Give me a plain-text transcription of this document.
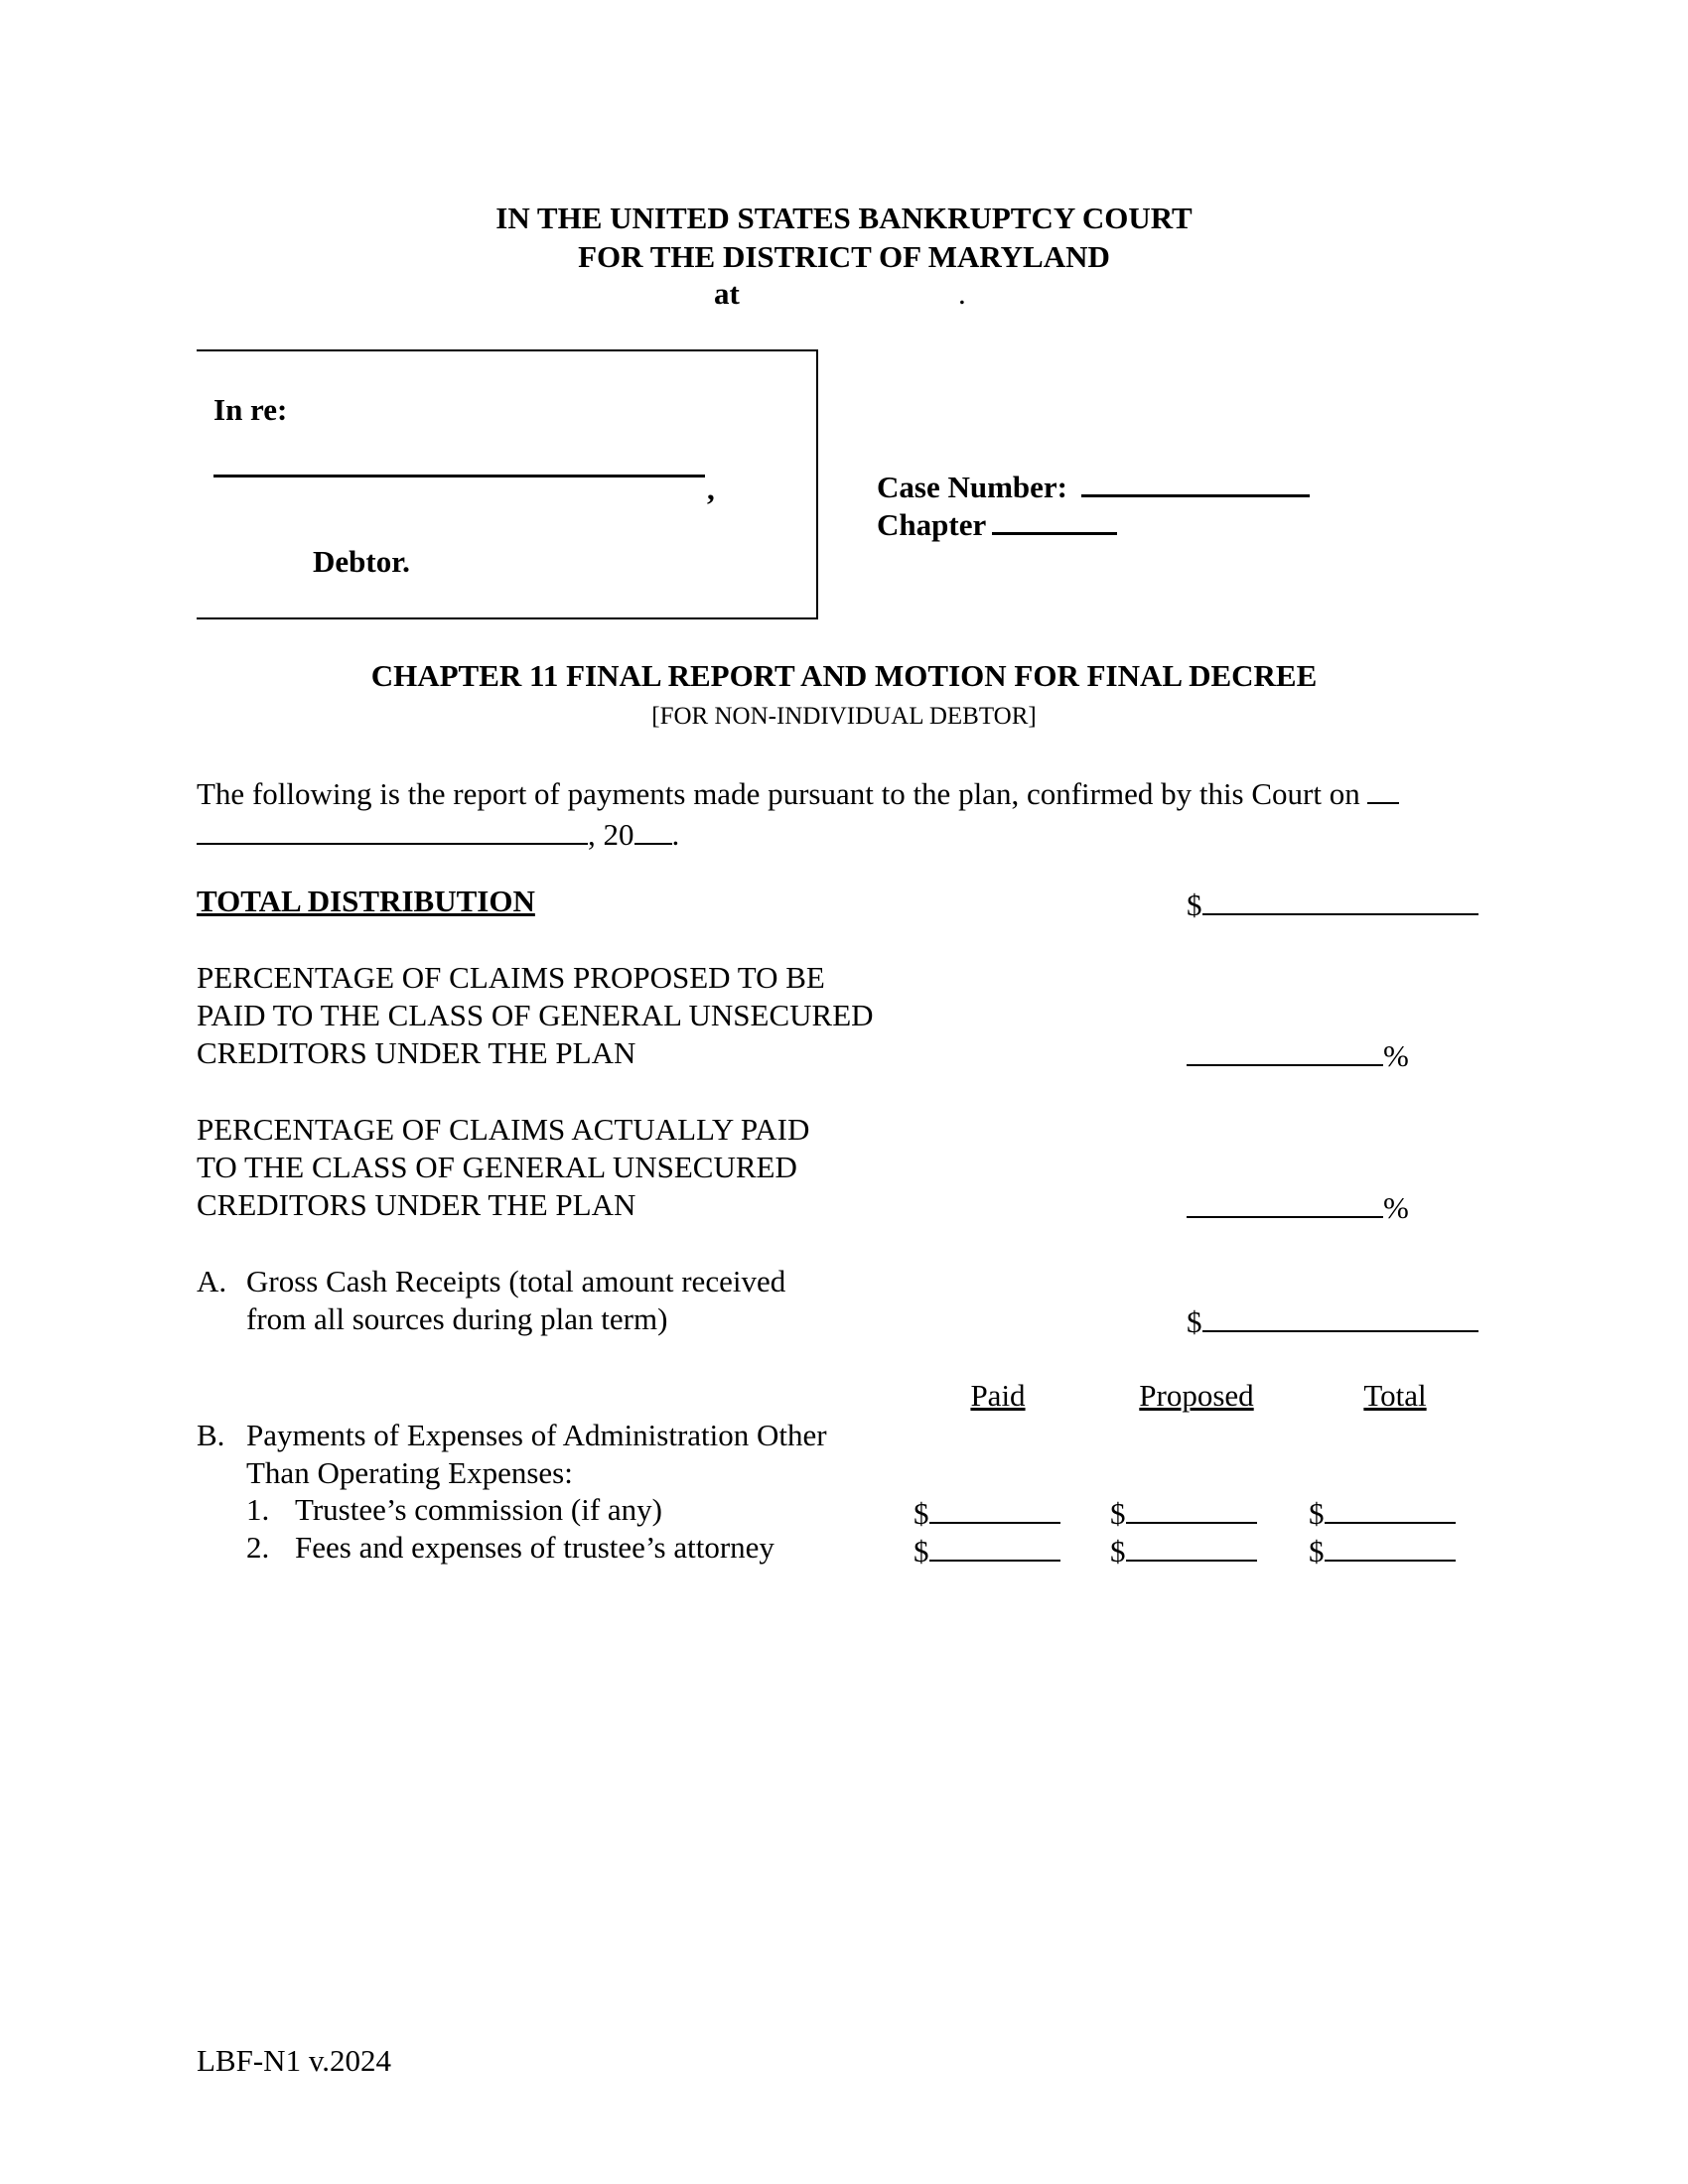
IN THE UNITED STATES BANKRUPTCY COURT
FOR THE DISTRICT OF MARYLAND
at	.
In re:
,
Debtor.
Case Number:
Chapter
CHAPTER 11 FINAL REPORT AND MOTION FOR FINAL DECREE
[FOR NON-INDIVIDUAL DEBTOR]
The following is the report of payments made pursuant to the plan, confirmed by this Court on
, 20 .
TOTAL DISTRIBUTION	$
PERCENTAGE OF CLAIMS PROPOSED TO BE
PAID TO THE CLASS OF GENERAL UNSECURED
CREDITORS UNDER THE PLAN	%
PERCENTAGE OF CLAIMS ACTUALLY PAID
TO THE CLASS OF GENERAL UNSECURED
CREDITORS UNDER THE PLAN	%
A. Gross Cash Receipts (total amount received
from all sources during plan term)	$
Paid	Proposed	Total
B. Payments of Expenses of Administration Other
Than Operating Expenses:
1. Trustee’s commission (if any)	$	$	$
2. Fees and expenses of trustee’s attorney	$	$	$
LBF-N1 v.2024
